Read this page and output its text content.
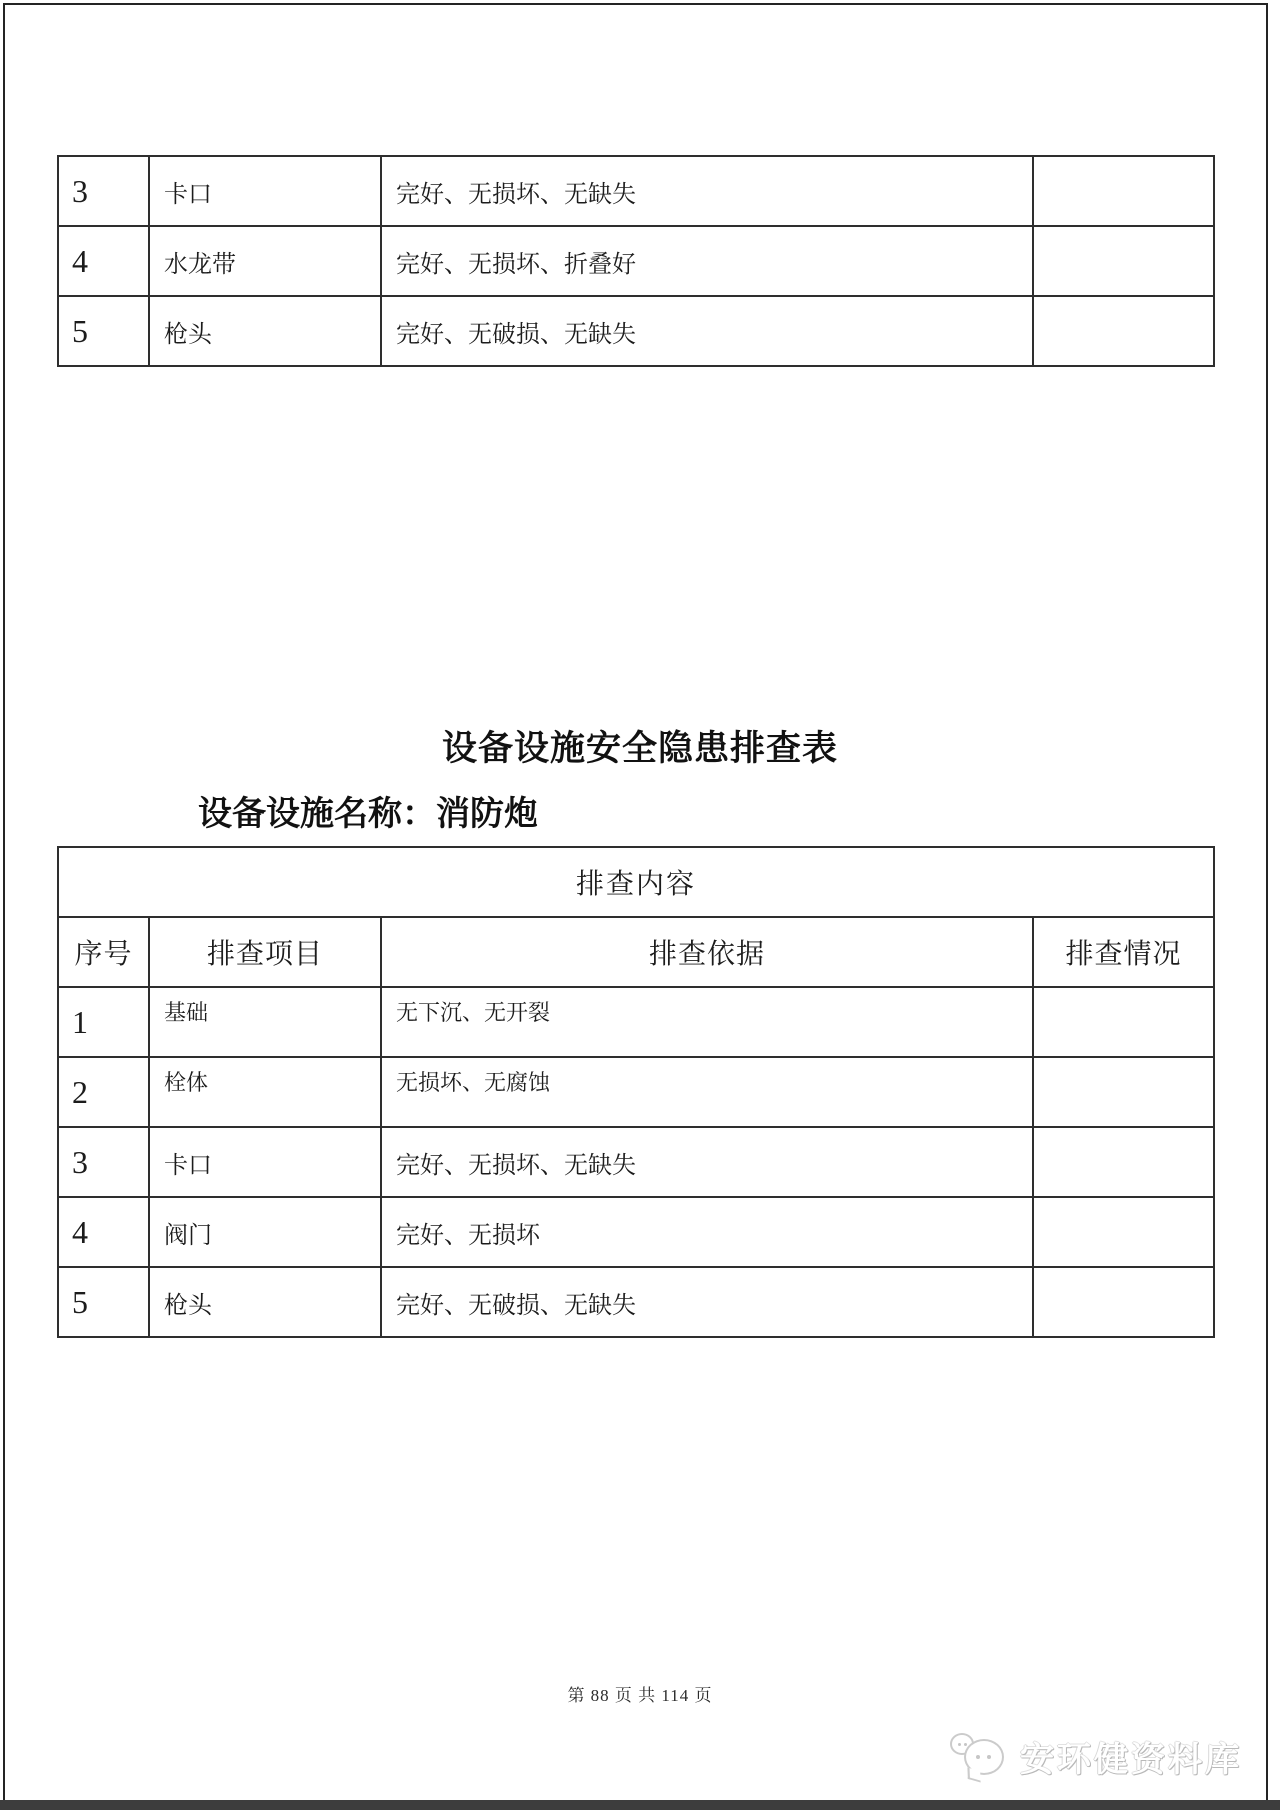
3	卡口	完好、无损坏、无缺失	
4	水龙带	完好、无损坏、折叠好	
5	枪头	完好、无破损、无缺失	
设备设施安全隐患排查表
设备设施名称：消防炮
排查内容			
序号	排查项目	排查依据	排查情况
1	基础	无下沉、无开裂	
2	栓体	无损坏、无腐蚀	
3	卡口	完好、无损坏、无缺失	
4	阀门	完好、无损坏	
5	枪头	完好、无破损、无缺失	
第 88 页 共 114 页
安环健资料库
